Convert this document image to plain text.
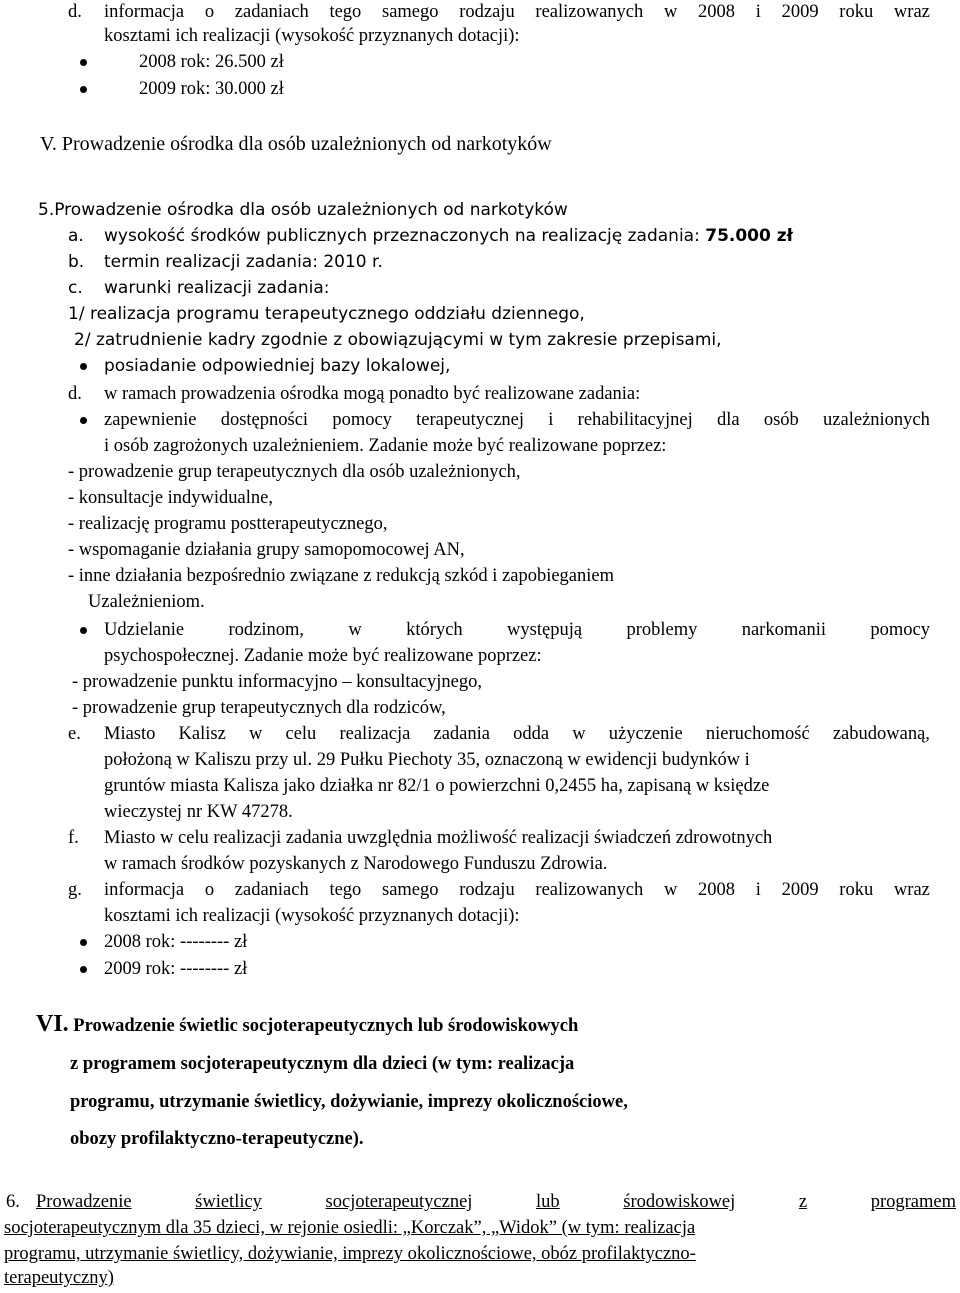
d. informacja o zadaniach tego samego rodzaju realizowanych w 2008 i 2009 roku wraz
kosztami ich realizacji (wysokość przyznanych dotacji):
2008 rok: 26.500 zł
2009 rok: 30.000 zł
V. Prowadzenie ośrodka dla osób uzależnionych od narkotyków
5.Prowadzenie ośrodka dla osób uzależnionych od narkotyków
a. wysokość środków publicznych przeznaczonych na realizację zadania: 75.000 zł
b. termin realizacji zadania: 2010 r.
c. warunki realizacji zadania:
1/ realizacja programu terapeutycznego oddziału dziennego,
2/ zatrudnienie kadry zgodnie z obowiązującymi w tym zakresie przepisami,
posiadanie odpowiedniej bazy lokalowej,
d. w ramach prowadzenia ośrodka mogą ponadto być realizowane zadania:
zapewnienie dostępności pomocy terapeutycznej i rehabilitacyjnej dla osób uzależnionych
i osób zagrożonych uzależnieniem. Zadanie może być realizowane poprzez:
- prowadzenie grup terapeutycznych dla osób uzależnionych,
- konsultacje indywidualne,
- realizację programu postterapeutycznego,
- wspomaganie działania grupy samopomocowej AN,
- inne działania bezpośrednio związane z redukcją szkód i zapobieganiem
Uzależnieniom.
Udzielanie rodzinom, w których występują problemy narkomanii pomocy
psychospołecznej. Zadanie może być realizowane poprzez:
- prowadzenie punktu informacyjno – konsultacyjnego,
- prowadzenie grup terapeutycznych dla rodziców,
e. Miasto Kalisz w celu realizacja zadania odda w użyczenie nieruchomość zabudowaną,
położoną w Kaliszu przy ul. 29 Pułku Piechoty 35, oznaczoną w ewidencji budynków i
gruntów miasta Kalisza jako działka nr 82/1 o powierzchni 0,2455 ha, zapisaną w księdze
wieczystej nr KW 47278.
f. Miasto w celu realizacji zadania uwzględnia możliwość realizacji świadczeń zdrowotnych
w ramach środków pozyskanych z Narodowego Funduszu Zdrowia.
g. informacja o zadaniach tego samego rodzaju realizowanych w 2008 i 2009 roku wraz
kosztami ich realizacji (wysokość przyznanych dotacji):
2008 rok: -------- zł
2009 rok: -------- zł
VI. Prowadzenie świetlic socjoterapeutycznych lub środowiskowych
z programem socjoterapeutycznym dla dzieci (w tym: realizacja
programu, utrzymanie świetlicy, dożywianie, imprezy okolicznościowe,
obozy profilaktyczno-terapeutyczne).
6. Prowadzenie	świetlicy	socjoterapeutycznej	lub	środowiskowej	z	programem
socjoterapeutycznym dla 35 dzieci, w rejonie osiedli: „Korczak”, „Widok” (w tym: realizacja
programu, utrzymanie świetlicy, dożywianie, imprezy okolicznościowe, obóz profilaktyczno-
terapeutyczny)
